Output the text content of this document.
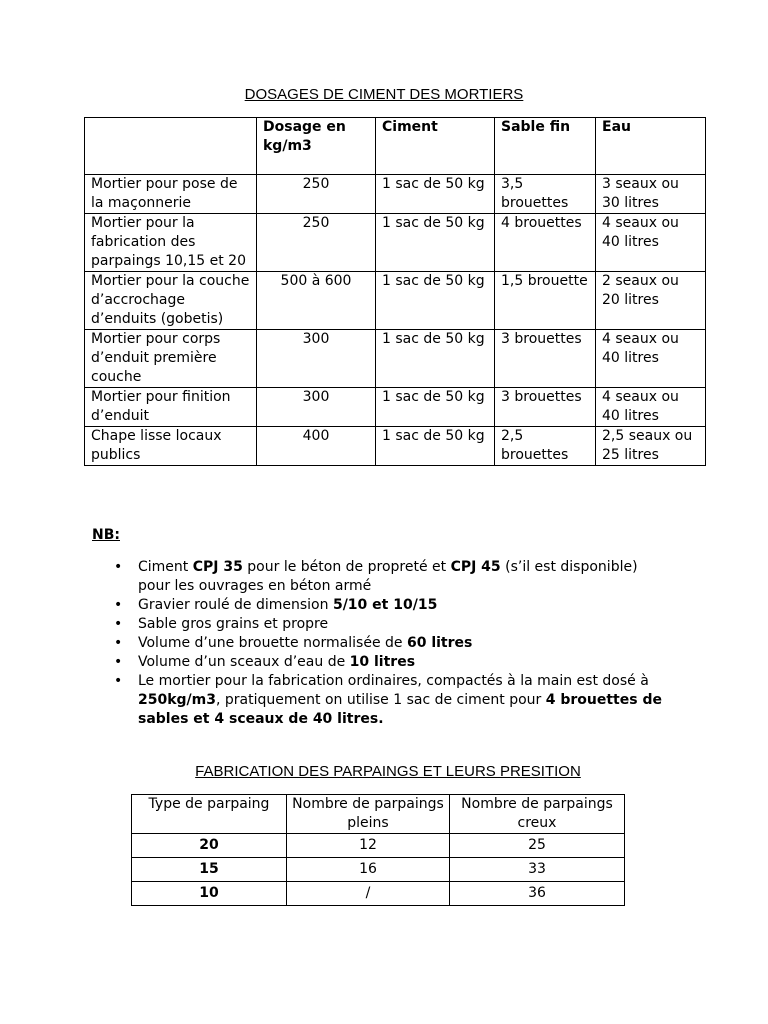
DOSAGES DE CIMENT DES MORTIERS
	Dosage en kg/m3	Ciment	Sable fin	Eau
Mortier pour pose de la maçonnerie	250	1 sac de 50 kg	3,5 brouettes	3 seaux ou 30 litres
Mortier pour la fabrication des parpaings 10,15 et 20	250	1 sac de 50 kg	4 brouettes	4 seaux ou 40 litres
Mortier pour la couche d’accrochage d’enduits (gobetis)	500 à 600	1 sac de 50 kg	1,5 brouette	2 seaux ou 20 litres
Mortier pour corps d’enduit première couche	300	1 sac de 50 kg	3 brouettes	4 seaux ou 40 litres
Mortier pour finition d’enduit	300	1 sac de 50 kg	3 brouettes	4 seaux ou 40 litres
Chape lisse locaux publics	400	1 sac de 50 kg	2,5 brouettes	2,5 seaux ou 25 litres
NB:
• Ciment CPJ 35 pour le béton de propreté et CPJ 45 (s’il est disponible) pour les ouvrages en béton armé
• Gravier roulé de dimension 5/10 et 10/15
• Sable gros grains et propre
• Volume d’une brouette normalisée de 60 litres
• Volume d’un sceaux d’eau de 10 litres
• Le mortier pour la fabrication ordinaires, compactés à la main est dosé à 250kg/m3, pratiquement on utilise 1 sac de ciment pour 4 brouettes de sables et 4 sceaux de 40 litres.
FABRICATION DES PARPAINGS ET LEURS PRESITION
Type de parpaing	Nombre de parpaings pleins	Nombre de parpaings creux
20	12	25
15	16	33
10	/	36
